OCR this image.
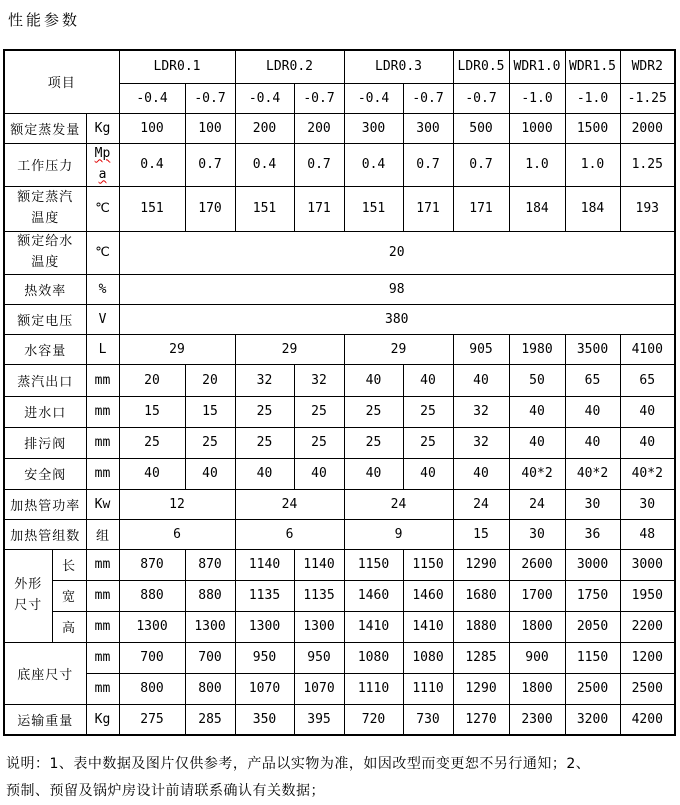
性能参数
项目			LDR0.1		LDR0.2		LDR0.3		LDR0.5	WDR1.0	WDR1.5	WDR2
			-0.4	-0.7	-0.4	-0.7	-0.4	-0.7	-0.7	-1.0	-1.0	-1.25
额定蒸发量		Kg	100	100	200	200	300	300	500	1000	1500	2000
工作压力		Mpa	0.4	0.7	0.4	0.7	0.4	0.7	0.7	1.0	1.0	1.25
额定蒸汽温度		℃	151	170	151	171	151	171	171	184	184	193
额定给水温度		℃	20									
热效率		%	98									
额定电压		V	380									
水容量		L	29		29		29		905	1980	3500	4100
蒸汽出口		mm	20	20	32	32	40	40	40	50	65	65
进水口		mm	15	15	25	25	25	25	32	40	40	40
排污阀		mm	25	25	25	25	25	25	32	40	40	40
安全阀		mm	40	40	40	40	40	40	40	40*2	40*2	40*2
加热管功率		Kw	12		24		24		24	24	30	30
加热管组数		组	6		6		9		15	30	36	48
外形尺寸	长	mm	870	870	1140	1140	1150	1150	1290	2600	3000	3000
	宽	mm	880	880	1135	1135	1460	1460	1680	1700	1750	1950
	高	mm	1300	1300	1300	1300	1410	1410	1880	1800	2050	2200
底座尺寸		mm	700	700	950	950	1080	1080	1285	900	1150	1200
		mm	800	800	1070	1070	1110	1110	1290	1800	2500	2500
运输重量		Kg	275	285	350	395	720	730	1270	2300	3200	4200
说明：1、表中数据及图片仅供参考，产品以实物为准，如因改型而变更恕不另行通知；2、
预制、预留及锅炉房设计前请联系确认有关数据；
